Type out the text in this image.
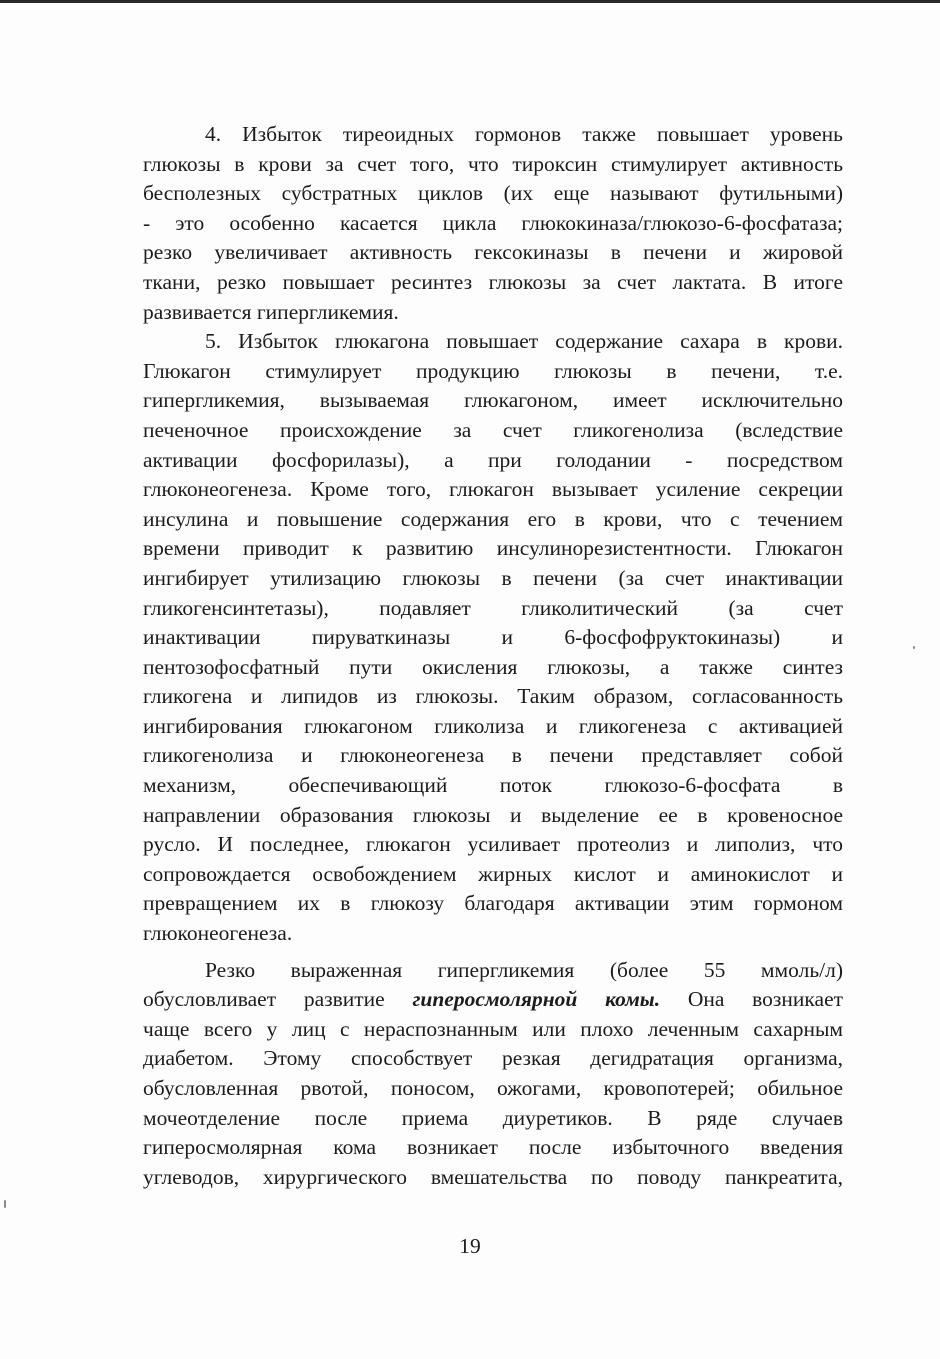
4. Избыток тиреоидных гормонов также повышает уровень
глюкозы в крови за счет того, что тироксин стимулирует активность
бесполезных субстратных циклов (их еще называют футильными)
- это особенно касается цикла глюкокиназа/глюкозо-6-фосфатаза;
резко увеличивает активность гексокиназы в печени и жировой
ткани, резко повышает ресинтез глюкозы за счет лактата. В итоге
развивается гипергликемия.
5. Избыток глюкагона повышает содержание сахара в крови.
Глюкагон стимулирует продукцию глюкозы в печени, т.е.
гипергликемия, вызываемая глюкагоном, имеет исключительно
печеночное происхождение за счет гликогенолиза (вследствие
активации фосфорилазы), а при голодании - посредством
глюконеогенеза. Кроме того, глюкагон вызывает усиление секреции
инсулина и повышение содержания его в крови, что с течением
времени приводит к развитию инсулинорезистентности. Глюкагон
ингибирует утилизацию глюкозы в печени (за счет инактивации
гликогенсинтетазы), подавляет гликолитический (за счет
инактивации пируваткиназы и 6-фосфофруктокиназы) и
пентозофосфатный пути окисления глюкозы, а также синтез
гликогена и липидов из глюкозы. Таким образом, согласованность
ингибирования глюкагоном гликолиза и гликогенеза с активацией
гликогенолиза и глюконеогенеза в печени представляет собой
механизм, обеспечивающий поток глюкозо-6-фосфата в
направлении образования глюкозы и выделение ее в кровеносное
русло. И последнее, глюкагон усиливает протеолиз и липолиз, что
сопровождается освобождением жирных кислот и аминокислот и
превращением их в глюкозу благодаря активации этим гормоном
глюконеогенеза.
Резко выраженная гипергликемия (более 55 ммоль/л)
обусловливает развитие гиперосмолярной комы. Она возникает
чаще всего у лиц с нераспознанным или плохо леченным сахарным
диабетом. Этому способствует резкая дегидратация организма,
обусловленная рвотой, поносом, ожогами, кровопотерей; обильное
мочеотделение после приема диуретиков. В ряде случаев
гиперосмолярная кома возникает после избыточного введения
углеводов, хирургического вмешательства по поводу панкреатита,
19
